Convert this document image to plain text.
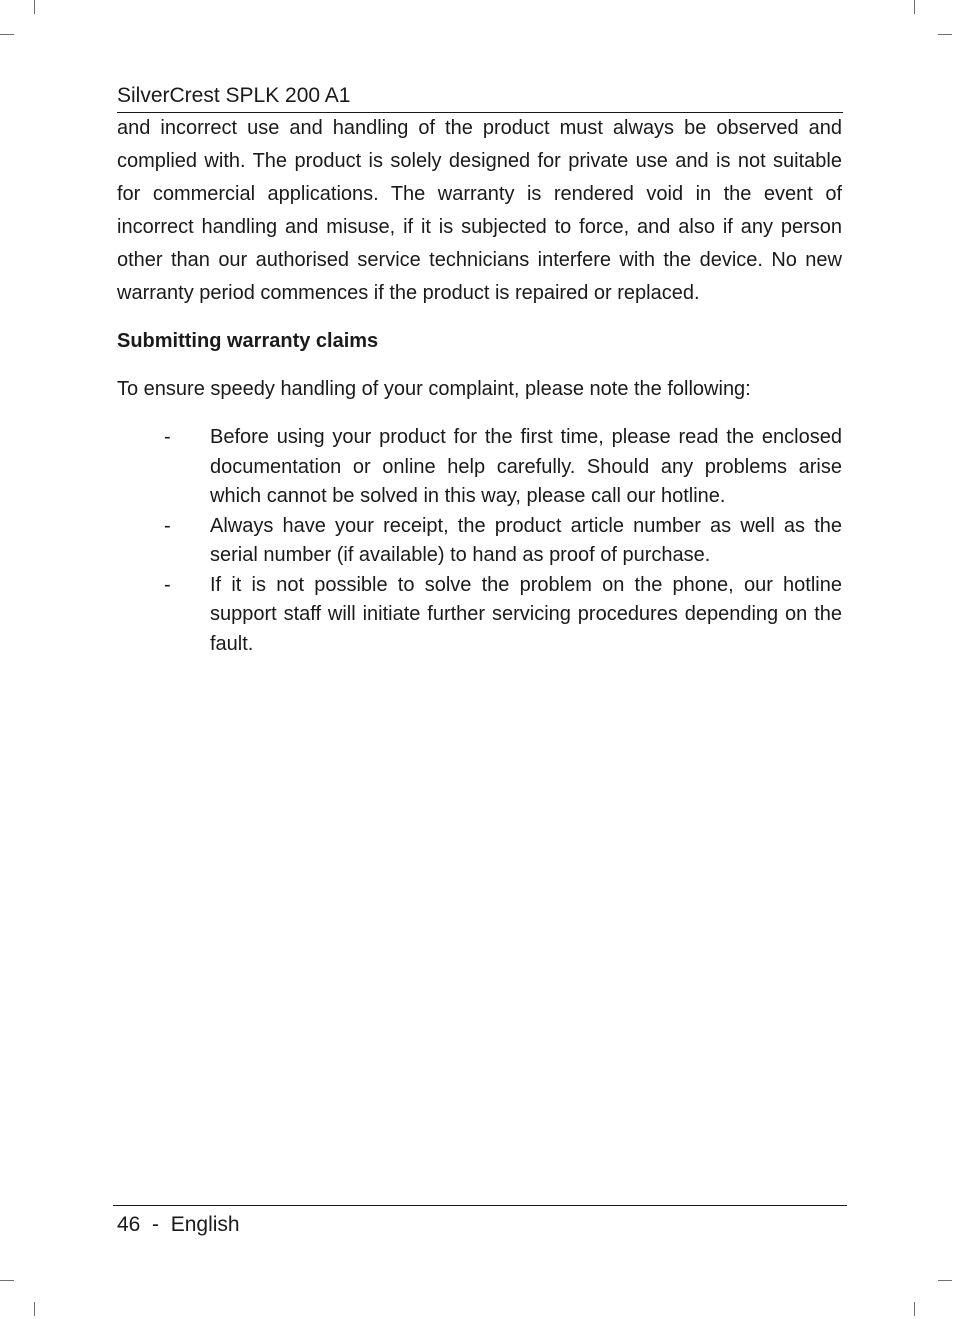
SilverCrest SPLK 200 A1

and incorrect use and handling of the product must always be observed and complied with. The product is solely designed for private use and is not suitable for commercial applications. The warranty is rendered void in the event of incorrect handling and misuse, if it is subjected to force, and also if any person other than our authorised service technicians interfere with the device. No new warranty period commences if the product is repaired or replaced.

Submitting warranty claims

To ensure speedy handling of your complaint, please note the following:

-	Before using your product for the first time, please read the enclosed documentation or online help carefully. Should any problems arise which cannot be solved in this way, please call our hotline.
-	Always have your receipt, the product article number as well as the serial number (if available) to hand as proof of purchase.
-	If it is not possible to solve the problem on the phone, our hotline support staff will initiate further servicing procedures depending on the fault.
46 - English
